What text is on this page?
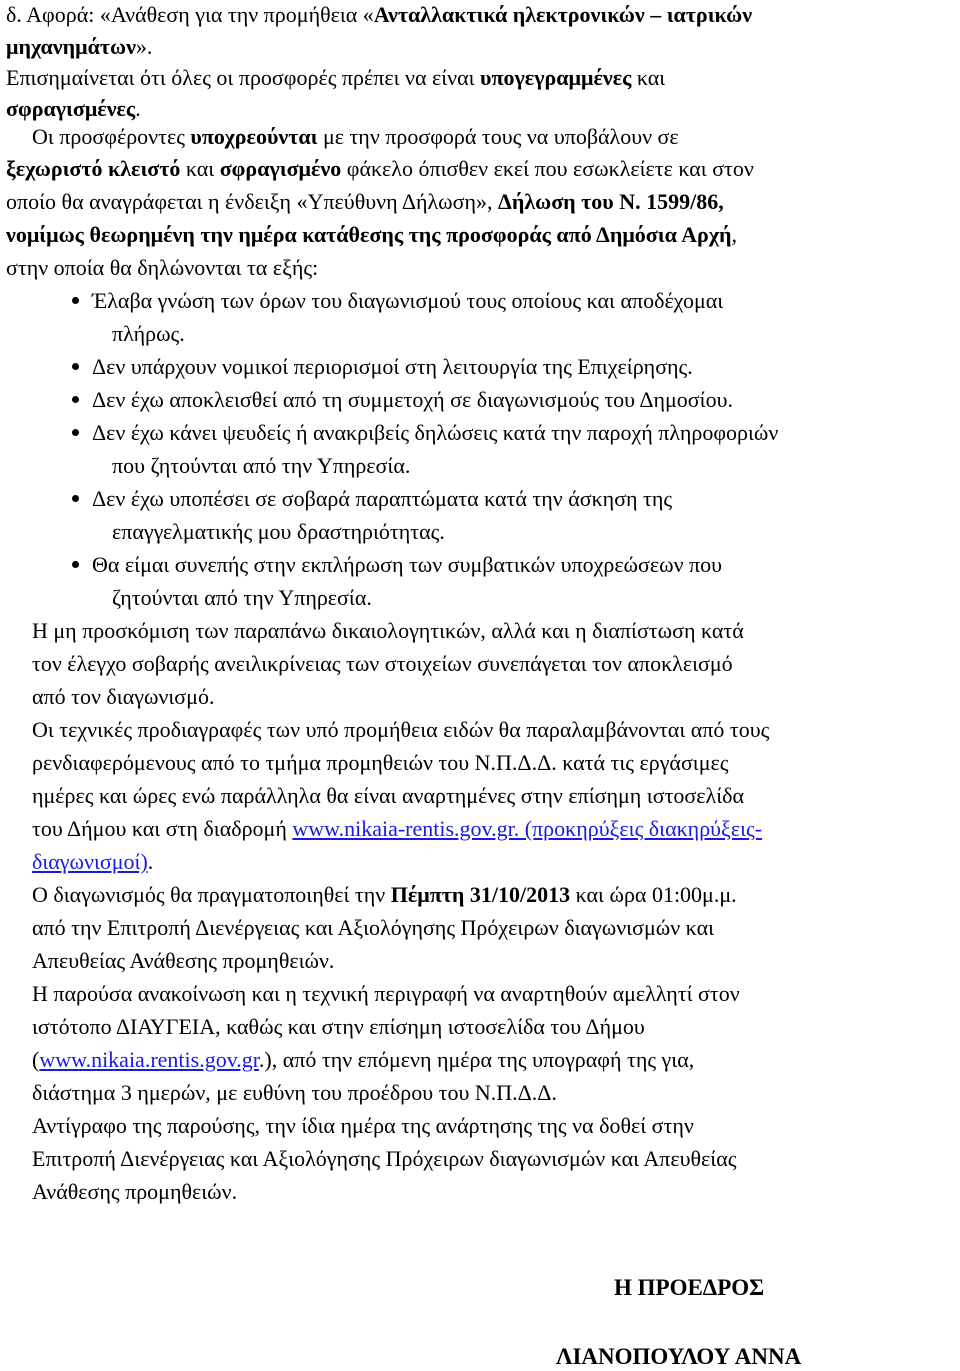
δ. Αφορά: «Ανάθεση για την προμήθεια «Ανταλλακτικά ηλεκτρονικών – ιατρικών
μηχανημάτων».
Επισημαίνεται ότι όλες οι προσφορές πρέπει να είναι υπογεγραμμένες και
σφραγισμένες.
Οι προσφέροντες υποχρεούνται με την προσφορά τους να υποβάλουν σε
ξεχωριστό κλειστό και σφραγισμένο φάκελο όπισθεν εκεί που εσωκλείετε και στον
οποίο θα αναγράφεται η ένδειξη «Υπεύθυνη Δήλωση», Δήλωση του Ν. 1599/86,
νομίμως θεωρημένη την ημέρα κατάθεσης της προσφοράς από Δημόσια Αρχή,
στην οποία θα δηλώνονται τα εξής:
Έλαβα γνώση των όρων του διαγωνισμού τους οποίους και αποδέχομαι
πλήρως.
Δεν υπάρχουν νομικοί περιορισμοί στη λειτουργία της Επιχείρησης.
Δεν έχω αποκλεισθεί από τη συμμετοχή σε διαγωνισμούς του Δημοσίου.
Δεν έχω κάνει ψευδείς ή ανακριβείς δηλώσεις κατά την παροχή πληροφοριών
που ζητούνται από την Υπηρεσία.
Δεν έχω υποπέσει σε σοβαρά παραπτώματα κατά την άσκηση της
επαγγελματικής μου δραστηριότητας.
Θα είμαι συνεπής στην εκπλήρωση των συμβατικών υποχρεώσεων που
ζητούνται από την Υπηρεσία.
Η μη προσκόμιση των παραπάνω δικαιολογητικών, αλλά και η διαπίστωση κατά
τον έλεγχο σοβαρής ανειλικρίνειας των στοιχείων συνεπάγεται τον αποκλεισμό
από τον διαγωνισμό.
Οι τεχνικές προδιαγραφές των υπό προμήθεια ειδών θα παραλαμβάνονται από τους
ρενδιαφερόμενους από το τμήμα προμηθειών του Ν.Π.Δ.Δ. κατά τις εργάσιμες
ημέρες και ώρες ενώ παράλληλα θα είναι αναρτημένες στην επίσημη ιστοσελίδα
του Δήμου και στη διαδρομή www.nikaia-rentis.gov.gr. (προκηρύξεις διακηρύξεις-
διαγωνισμοί).
Ο διαγωνισμός θα πραγματοποιηθεί την Πέμπτη 31/10/2013 και ώρα 01:00μ.μ.
από την Επιτροπή Διενέργειας και Αξιολόγησης Πρόχειρων διαγωνισμών και
Απευθείας Ανάθεσης προμηθειών.
Η παρούσα ανακοίνωση και η τεχνική περιγραφή να αναρτηθούν αμελλητί στον
ιστότοπο ΔΙΑΥΓΕΙΑ, καθώς και στην επίσημη ιστοσελίδα του Δήμου
(www.nikaia.rentis.gov.gr.), από την επόμενη ημέρα της υπογραφή της για,
διάστημα 3 ημερών, με ευθύνη του προέδρου του Ν.Π.Δ.Δ.
Αντίγραφο της παρούσης, την ίδια ημέρα της ανάρτησης της να δοθεί στην
Επιτροπή Διενέργειας και Αξιολόγησης Πρόχειρων διαγωνισμών και Απευθείας
Ανάθεσης προμηθειών.
Η ΠΡΟΕΔΡΟΣ
ΛΙΑΝΟΠΟΥΛΟΥ ΑΝΝΑ
